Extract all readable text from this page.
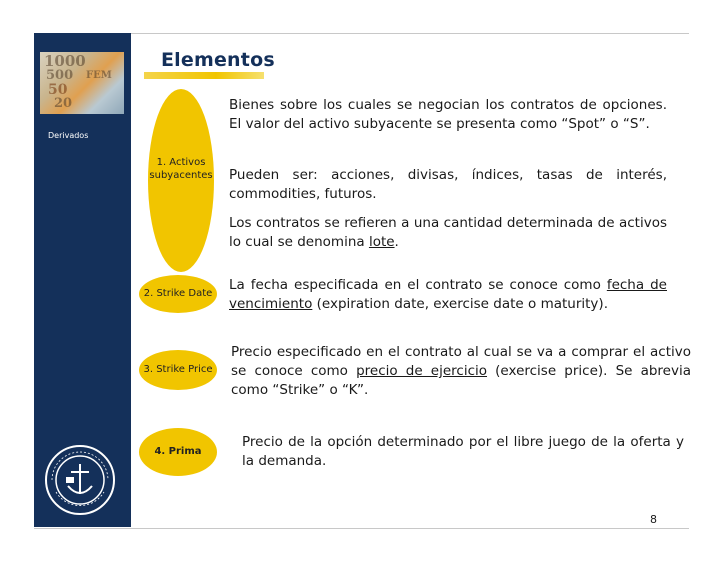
1000
500 FEM
50
20
Derivados
Elementos
1. Activos subyacentes
Bienes sobre los cuales se negocian los contratos de opciones. El valor del activo subyacente se presenta como “Spot” o “S”.
Pueden ser: acciones, divisas, índices, tasas de interés, commodities, futuros.
Los contratos se refieren a una cantidad determinada de activos lo cual se denomina lote.
2. Strike Date
La fecha especificada en el contrato se conoce como fecha de vencimiento (expiration date, exercise date o maturity).
3. Strike Price
Precio especificado en el contrato al cual se va a comprar el activo se conoce como precio de ejercicio (exercise price). Se abrevia como “Strike” o “K”.
4. Prima
Precio de la opción determinado por el libre juego de la oferta y la demanda.
8
